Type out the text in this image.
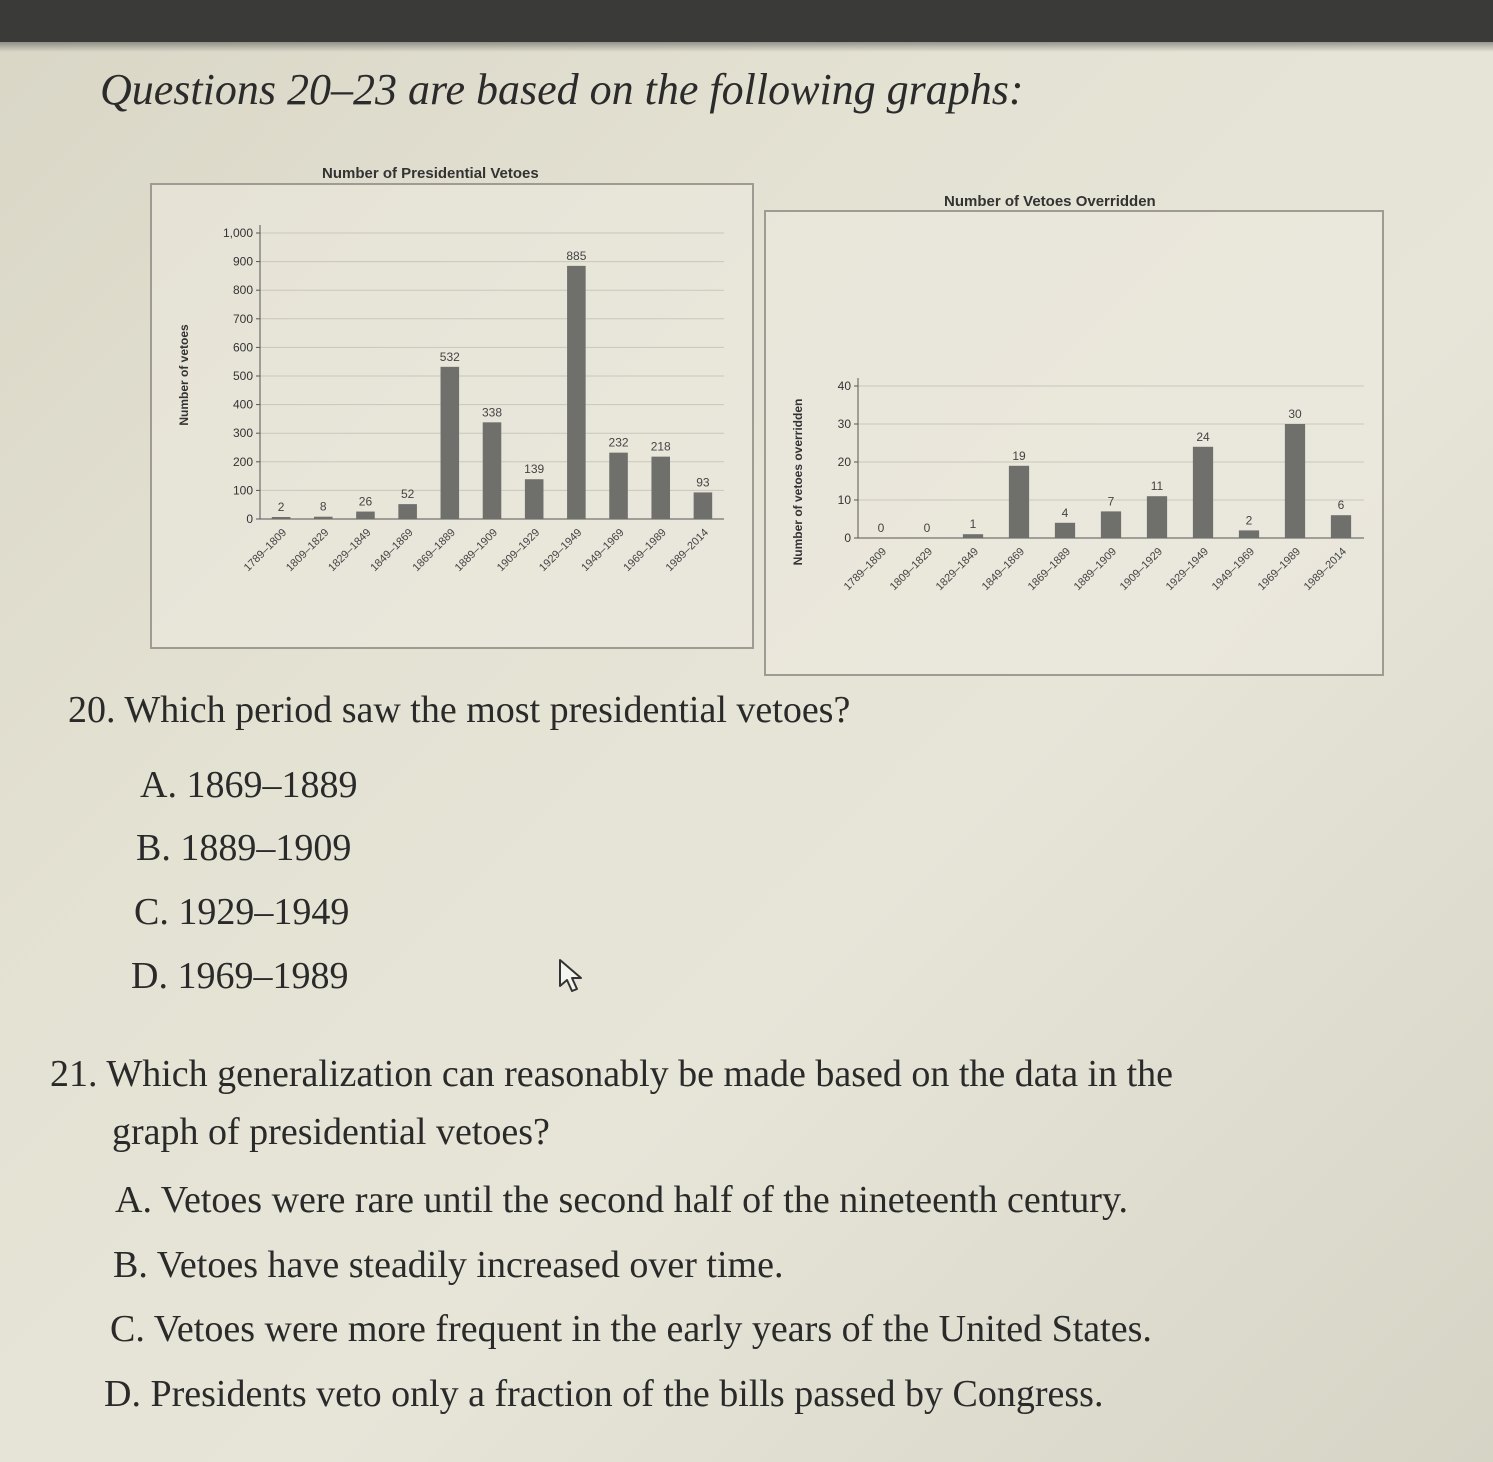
Questions 20–23 are based on the following graphs:
Number of Presidential Vetoes
0
100
200
300
400
500
600
700
800
900
1,000
Number of vetoes
2
1789–1809
8
1809–1829
26
1829–1849
52
1849–1869
532
1869–1889
338
1889–1909
139
1909–1929
885
1929–1949
232
1949–1969
218
1969–1989
93
1989–2014
Number of Vetoes Overridden
0
10
20
30
40
Number of vetoes overridden	0
1789–1809
0
1809–1829
1
1829–1849
19
1849–1869
4
1869–1889
7
1889–1909
11
1909–1929
24
1929–1949
2
1949–1969
30
1969–1989
6
1989–2014
20. Which period saw the most presidential vetoes?
A. 1869–1889
B. 1889–1909
C. 1929–1949
D. 1969–1989
21. Which generalization can reasonably be made based on the data in the
graph of presidential vetoes?
A. Vetoes were rare until the second half of the nineteenth century.
B. Vetoes have steadily increased over time.
C. Vetoes were more frequent in the early years of the United States.
D. Presidents veto only a fraction of the bills passed by Congress.
